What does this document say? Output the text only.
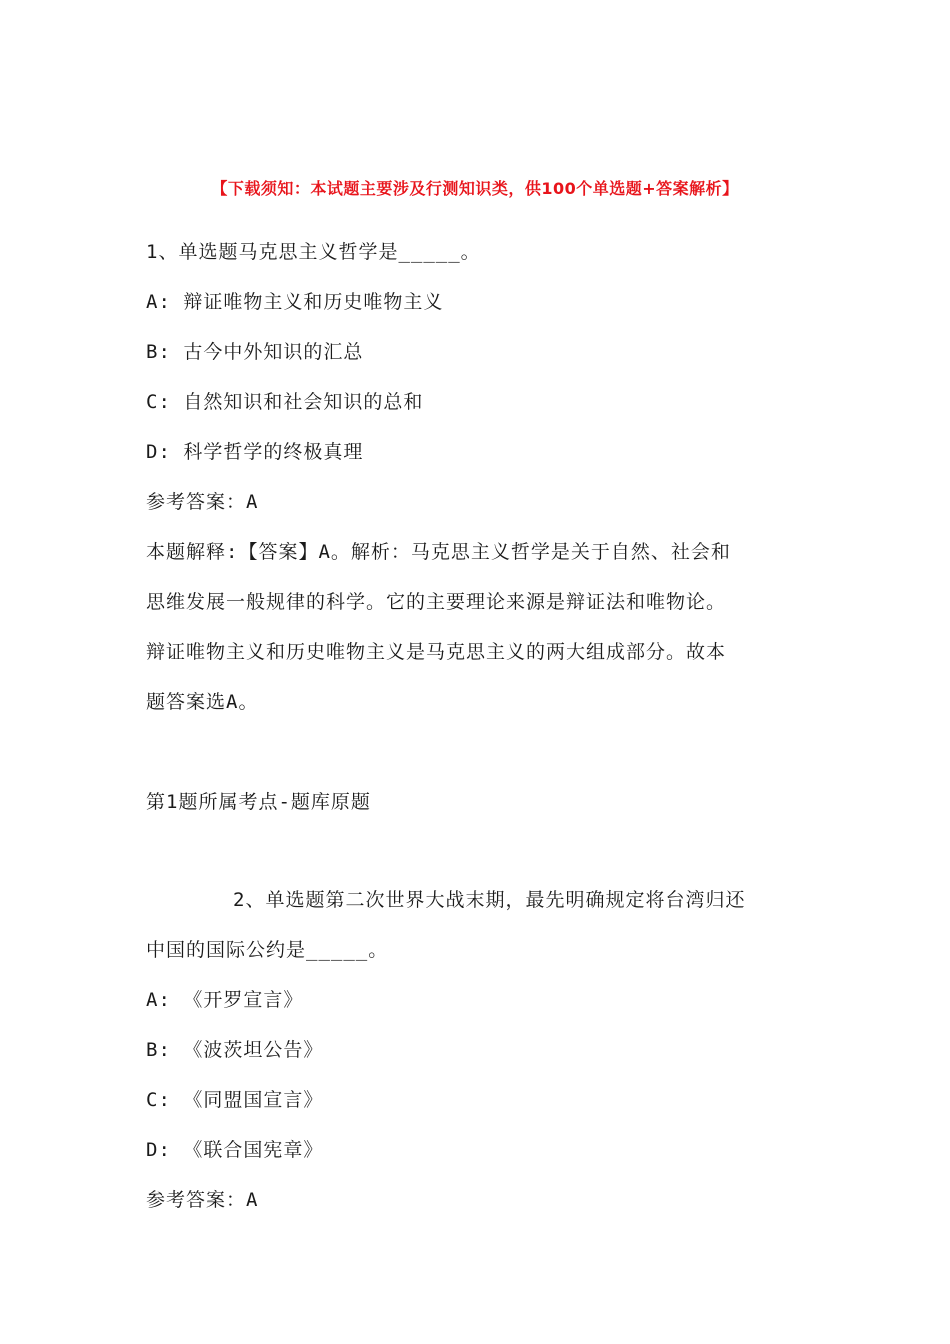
【下载须知：本试题主要涉及行测知识类，供100个单选题+答案解析】
1、单选题马克思主义哲学是_____。
A: 辩证唯物主义和历史唯物主义
B: 古今中外知识的汇总
C: 自然知识和社会知识的总和
D: 科学哲学的终极真理
参考答案：A
本题解释:【答案】A。解析：马克思主义哲学是关于自然、社会和
思维发展一般规律的科学。它的主要理论来源是辩证法和唯物论。
辩证唯物主义和历史唯物主义是马克思主义的两大组成部分。故本
题答案选A。
第1题所属考点-题库原题
2、单选题第二次世界大战末期，最先明确规定将台湾归还
中国的国际公约是_____。
A: 《开罗宣言》
B: 《波茨坦公告》
C: 《同盟国宣言》
D: 《联合国宪章》
参考答案：A
